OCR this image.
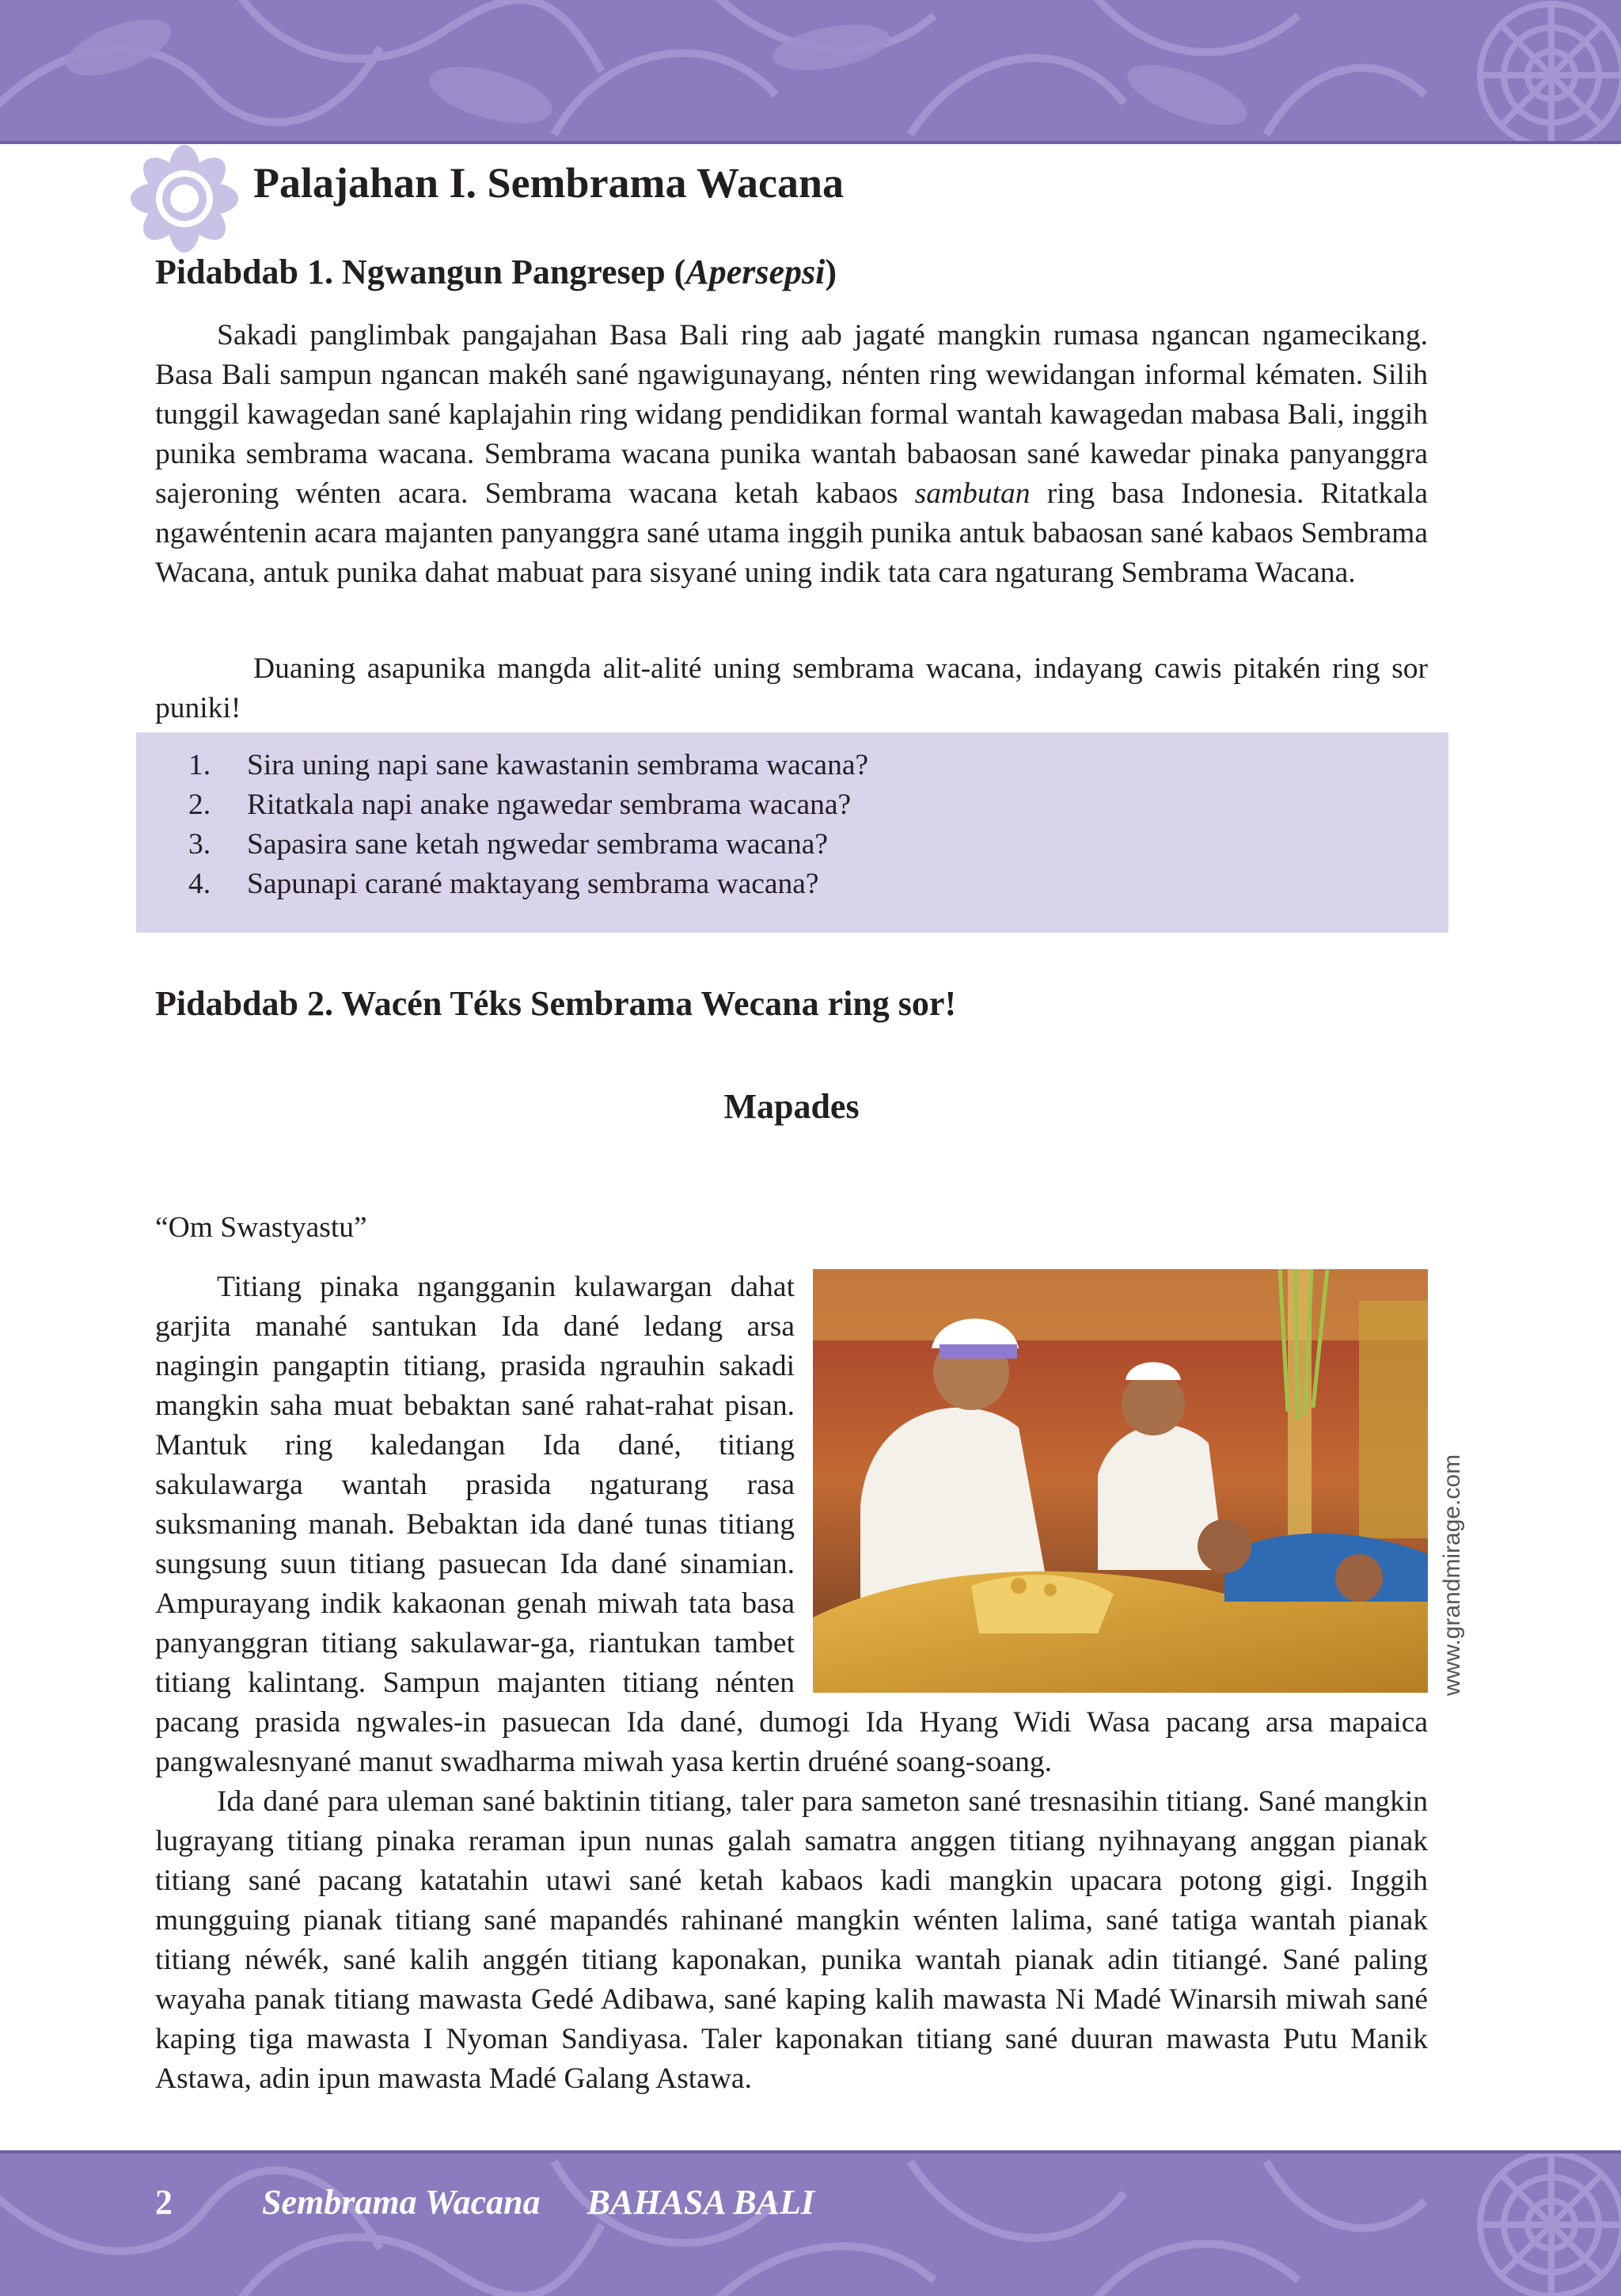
Palajahan I. Sembrama Wacana
Pidabdab 1. Ngwangun Pangresep (Apersepsi)

Sakadi panglimbak pangajahan Basa Bali ring aab jagaté mangkin rumasa ngancan ngamecikang. Basa Bali sampun ngancan makéh sané ngawigunayang, nénten ring wewidangan informal kématen. Silih tunggil kawagedan sané kaplajahin ring widang pendidikan formal wantah kawagedan mabasa Bali, inggih punika sembrama wacana. Sembrama wacana punika wantah babaosan sané kawedar pinaka panyanggra sajeroning wénten acara. Sembrama wacana ketah kabaos sambutan ring basa Indonesia. Ritatkala ngawéntenin acara majanten panyanggra sané utama inggih punika antuk babaosan sané kabaos Sembrama Wacana, antuk punika dahat mabuat para sisyané uning indik tata cara ngaturang Sembrama Wacana.

Duaning asapunika mangda alit-alité uning sembrama wacana, indayang cawis pitakén ring sor puniki!

1.	Sira uning napi sane kawastanin sembrama wacana?
2.	Ritatkala napi anake ngawedar sembrama wacana?
3.	Sapasira sane ketah ngwedar sembrama wacana?
4.	Sapunapi carané maktayang sembrama wacana?
Pidabdab 2. Wacén Téks Sembrama Wecana ring sor!
Mapades

“Om Swastyastu”

Titiang pinaka ngangganin kulawargan dahat garjita manahé santukan Ida dané ledang arsa nagingin pangaptin titiang, prasida ngrauhin sakadi mangkin saha muat bebaktan sané rahat-rahat pisan. Mantuk ring kaledangan Ida dané, titiang sakulawarga wantah prasida ngaturang rasa suksmaning manah. Bebaktan ida dané tunas titiang sungsung suun titiang pasuecan Ida dané sinamian. Ampurayang indik kakaonan genah miwah tata basa panyanggran titiang sakulawar-ga, riantukan tambet titiang kalintang. Sampun majanten titiang nénten pacang prasida ngwales-in pasuecan Ida dané, dumogi Ida Hyang Widi Wasa pacang arsa mapaica pangwalesnyané manut swadharma miwah yasa kertin druéné soang-soang.

Ida dané para uleman sané baktinin titiang, taler para sameton sané tresnasihin titiang. Sané mangkin lugrayang titiang pinaka reraman ipun nunas galah samatra anggen titiang nyihnayang anggan pianak titiang sané pacang katatahin utawi sané ketah kabaos kadi mangkin upacara potong gigi. Inggih mungguing pianak titiang sané mapandés rahinané mangkin wénten lalima, sané tatiga wantah pianak titiang néwék, sané kalih anggén titiang kaponakan, punika wantah pianak adin titiangé. Sané paling wayaha panak titiang mawasta Gedé Adibawa, sané kaping kalih mawasta Ni Madé Winarsih miwah sané kaping tiga mawasta I Nyoman Sandiyasa. Taler kaponakan titiang sané duuran mawasta Putu Manik Astawa, adin ipun mawasta Madé Galang Astawa.

www.grandmirage.com
2	Sembrama Wacana BAHASA BALI
